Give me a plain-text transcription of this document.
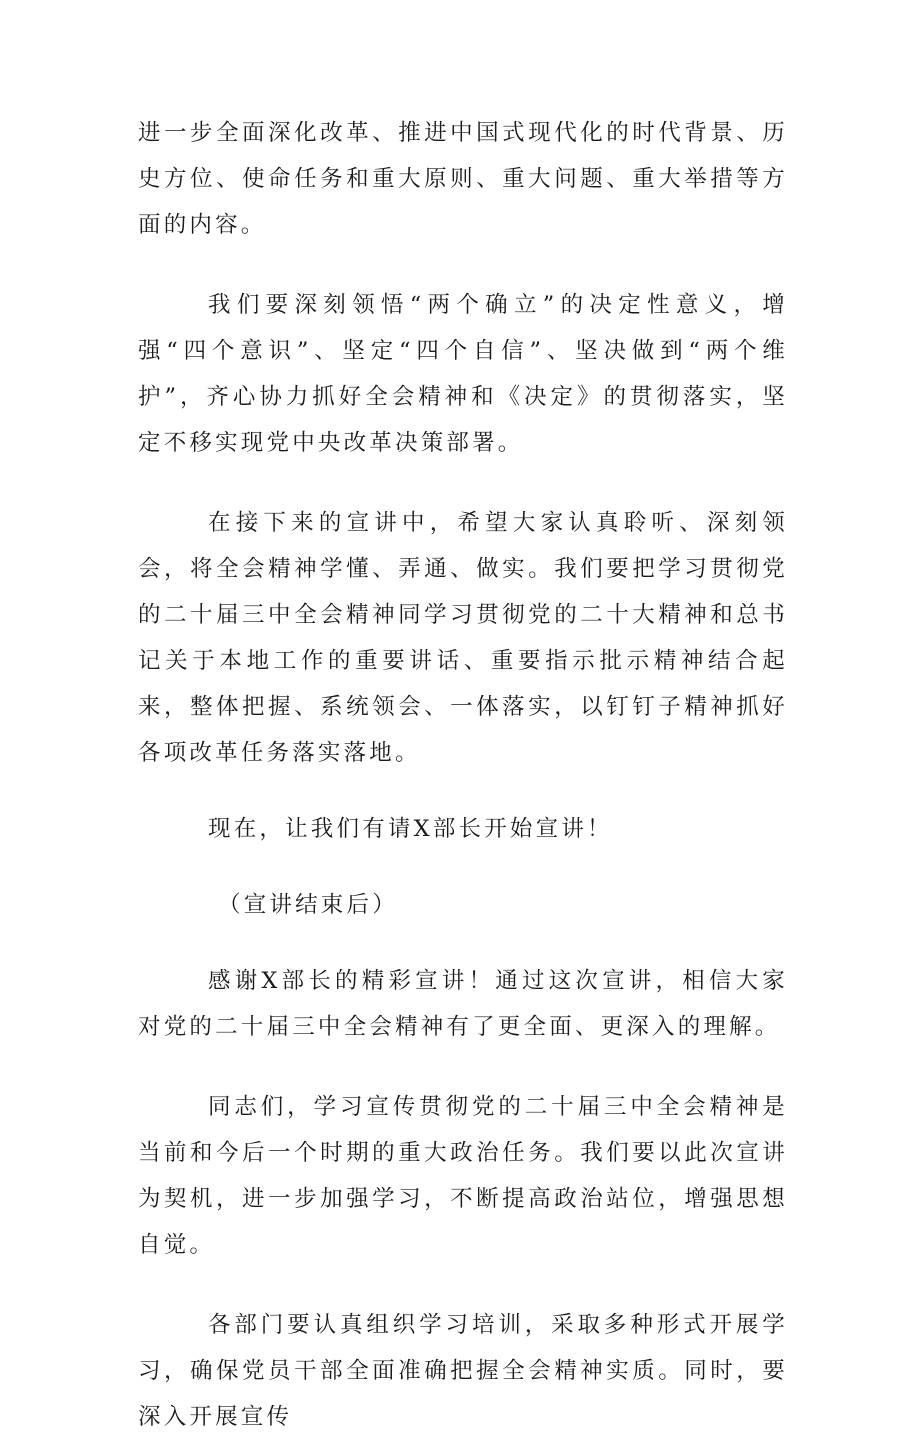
进一步全面深化改革、推进中国式现代化的时代背景、历史方位、使命任务和重大原则、重大问题、重大举措等方面的内容。

我们要深刻领悟“两个确立”的决定性意义，增强“四个意识”、坚定“四个自信”、坚决做到“两个维护”，齐心协力抓好全会精神和《决定》的贯彻落实，坚定不移实现党中央改革决策部署。

在接下来的宣讲中，希望大家认真聆听、深刻领会，将全会精神学懂、弄通、做实。我们要把学习贯彻党的二十届三中全会精神同学习贯彻党的二十大精神和总书记关于本地工作的重要讲话、重要指示批示精神结合起来，整体把握、系统领会、一体落实，以钉钉子精神抓好各项改革任务落实落地。

现在，让我们有请X部长开始宣讲！

（宣讲结束后）

感谢X部长的精彩宣讲！通过这次宣讲，相信大家对党的二十届三中全会精神有了更全面、更深入的理解。

同志们，学习宣传贯彻党的二十届三中全会精神是当前和今后一个时期的重大政治任务。我们要以此次宣讲为契机，进一步加强学习，不断提高政治站位，增强思想自觉。

各部门要认真组织学习培训，采取多种形式开展学习，确保党员干部全面准确把握全会精神实质。同时，要深入开展宣传
